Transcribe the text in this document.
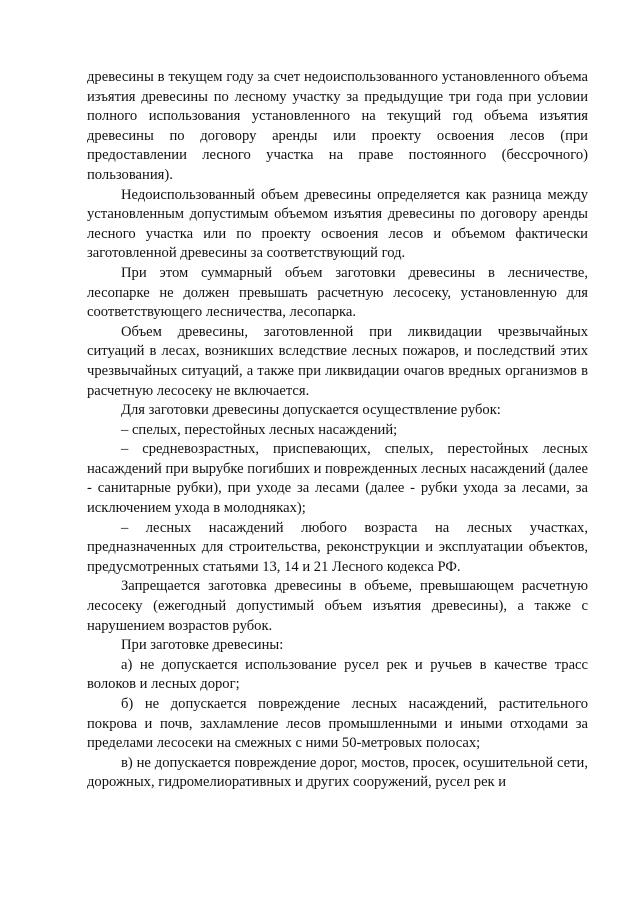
древесины в текущем году за счет недоиспользованного установленного объема изъятия древесины по лесному участку за предыдущие три года при условии полного использования установленного на текущий год объема изъятия древесины по договору аренды или проекту освоения лесов (при предоставлении лесного участка на праве постоянного (бессрочного) пользования).

Недоиспользованный объем древесины определяется как разница между установленным допустимым объемом изъятия древесины по договору аренды лесного участка или по проекту освоения лесов и объемом фактически заготовленной древесины за соответствующий год.

При этом суммарный объем заготовки древесины в лесничестве, лесопарке не должен превышать расчетную лесосеку, установленную для соответствующего лесничества, лесопарка.

Объем древесины, заготовленной при ликвидации чрезвычайных ситуаций в лесах, возникших вследствие лесных пожаров, и последствий этих чрезвычайных ситуаций, а также при ликвидации очагов вредных организмов в расчетную лесосеку не включается.

Для заготовки древесины допускается осуществление рубок:

– спелых, перестойных лесных насаждений;

– средневозрастных, приспевающих, спелых, перестойных лесных насаждений при вырубке погибших и поврежденных лесных насаждений (далее - санитарные рубки), при уходе за лесами (далее - рубки ухода за лесами, за исключением ухода в молодняках);

– лесных насаждений любого возраста на лесных участках, предназначенных для строительства, реконструкции и эксплуатации объектов, предусмотренных статьями 13, 14 и 21 Лесного кодекса РФ.

Запрещается заготовка древесины в объеме, превышающем расчетную лесосеку (ежегодный допустимый объем изъятия древесины), а также с нарушением возрастов рубок.

При заготовке древесины:

а) не допускается использование русел рек и ручьев в качестве трасс волоков и лесных дорог;

б) не допускается повреждение лесных насаждений, растительного покрова и почв, захламление лесов промышленными и иными отходами за пределами лесосеки на смежных с ними 50-метровых полосах;

в) не допускается повреждение дорог, мостов, просек, осушительной сети, дорожных, гидромелиоративных и других сооружений, русел рек и
